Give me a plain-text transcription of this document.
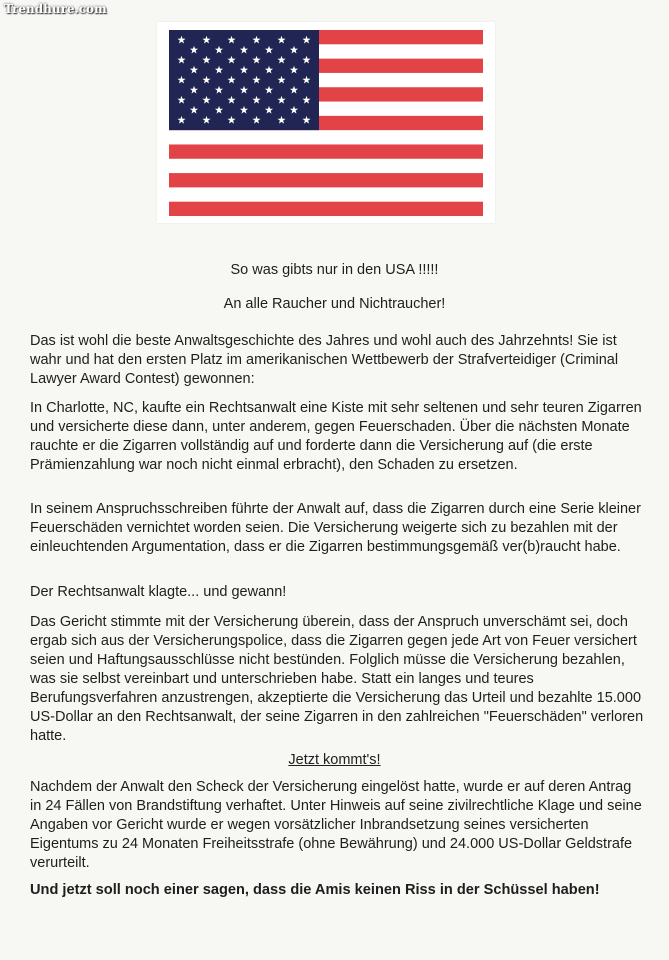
Trendhure.com
So was gibts nur in den USA !!!!!
An alle Raucher und Nichtraucher!

Das ist wohl die beste Anwaltsgeschichte des Jahres und wohl auch des Jahrzehnts! Sie ist wahr und hat den ersten Platz im amerikanischen Wettbewerb der Strafverteidiger (Criminal Lawyer Award Contest) gewonnen:

In Charlotte, NC, kaufte ein Rechtsanwalt eine Kiste mit sehr seltenen und sehr teuren Zigarren und versicherte diese dann, unter anderem, gegen Feuerschaden. Über die nächsten Monate rauchte er die Zigarren vollständig auf und forderte dann die Versicherung auf (die erste Prämienzahlung war noch nicht einmal erbracht), den Schaden zu ersetzen.

In seinem Anspruchsschreiben führte der Anwalt auf, dass die Zigarren durch eine Serie kleiner Feuerschäden vernichtet worden seien. Die Versicherung weigerte sich zu bezahlen mit der einleuchtenden Argumentation, dass er die Zigarren bestimmungsgemäß ver(b)raucht habe.

Der Rechtsanwalt klagte... und gewann!

Das Gericht stimmte mit der Versicherung überein, dass der Anspruch unverschämt sei, doch ergab sich aus der Versicherungspolice, dass die Zigarren gegen jede Art von Feuer versichert seien und Haftungsausschlüsse nicht bestünden. Folglich müsse die Versicherung bezahlen, was sie selbst vereinbart und unterschrieben habe. Statt ein langes und teures Berufungsverfahren anzustrengen, akzeptierte die Versicherung das Urteil und bezahlte 15.000 US-Dollar an den Rechtsanwalt, der seine Zigarren in den zahlreichen "Feuerschäden" verloren hatte.

Jetzt kommt's!

Nachdem der Anwalt den Scheck der Versicherung eingelöst hatte, wurde er auf deren Antrag in 24 Fällen von Brandstiftung verhaftet. Unter Hinweis auf seine zivilrechtliche Klage und seine Angaben vor Gericht wurde er wegen vorsätzlicher Inbrandsetzung seines versicherten Eigentums zu 24 Monaten Freiheitsstrafe (ohne Bewährung) und 24.000 US-Dollar Geldstrafe verurteilt.

Und jetzt soll noch einer sagen, dass die Amis keinen Riss in der Schüssel haben!
